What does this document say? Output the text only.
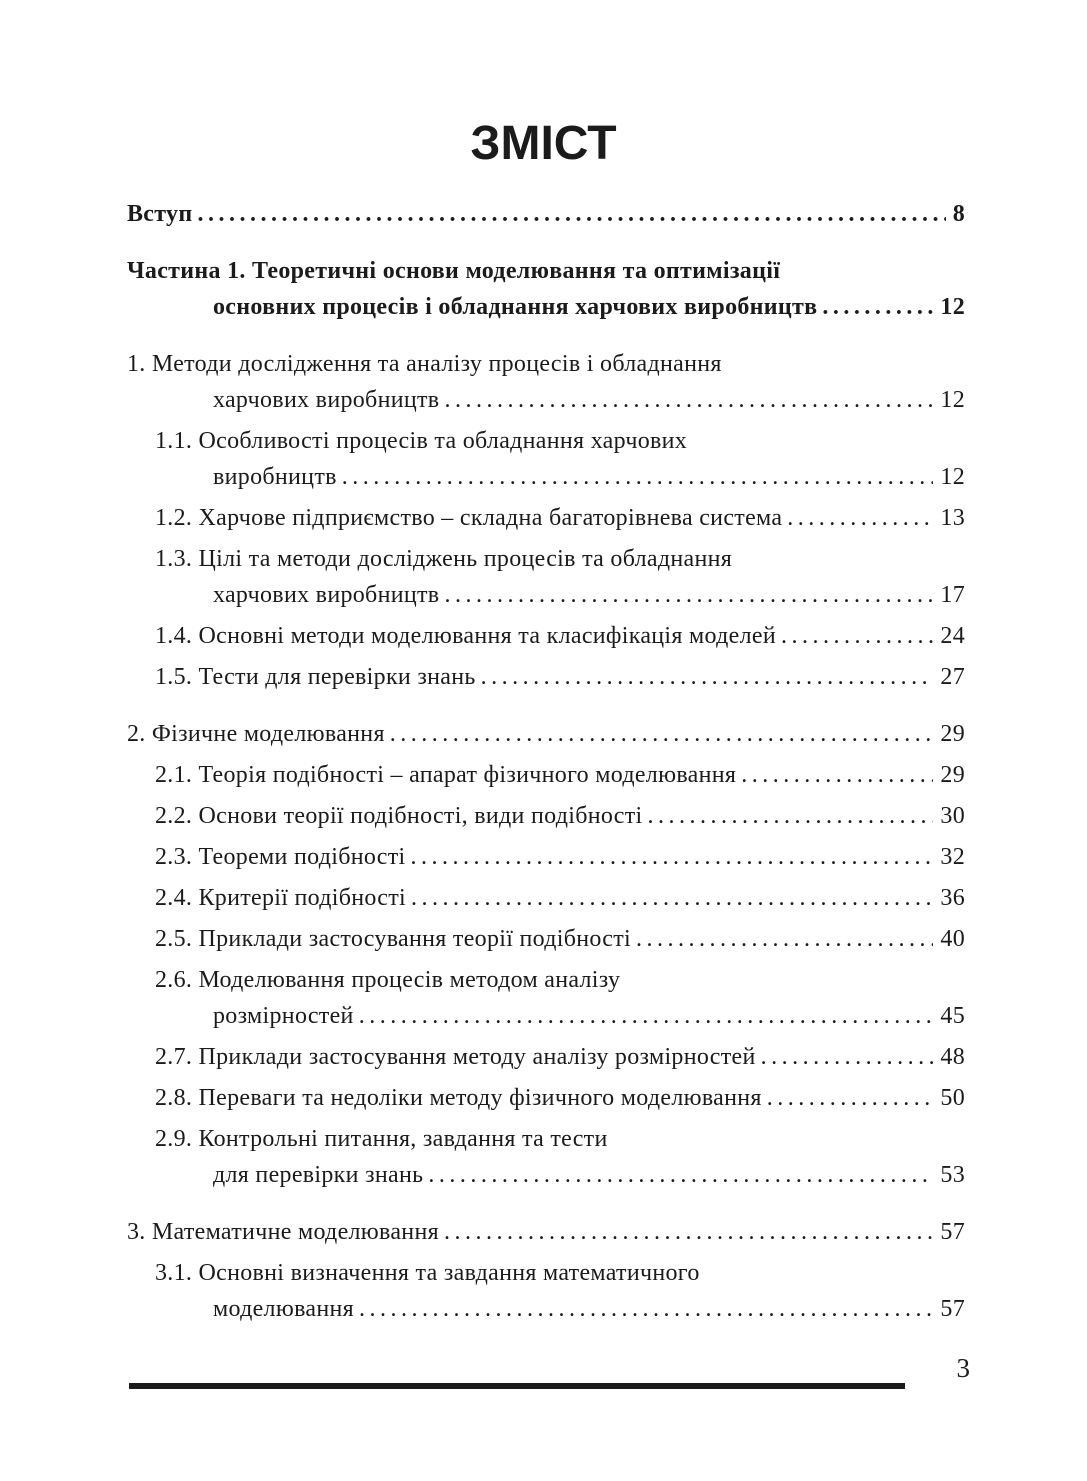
ЗМІСТ
Вступ .....	8
Частина 1. Теоретичні основи моделювання та оптимізації
основних процесів і обладнання харчових виробництв .....	12
1. Методи дослідження та аналізу процесів і обладнання
харчових виробництв .....	12
1.1. Особливості процесів та обладнання харчових
виробництв .....	12
1.2. Харчове підприємство – складна багаторівнева система .....	13
1.3. Цілі та методи досліджень процесів та обладнання
харчових виробництв .....	17
1.4. Основні методи моделювання та класифікація моделей .....	24
1.5. Тести для перевірки знань .....	27
2. Фізичне моделювання .....	29
2.1. Теорія подібності – апарат фізичного моделювання .....	29
2.2. Основи теорії подібності, види подібності .....	30
2.3. Теореми подібності .....	32
2.4. Критерії подібності .....	36
2.5. Приклади застосування теорії подібності .....	40
2.6. Моделювання процесів методом аналізу
розмірностей .....	45
2.7. Приклади застосування методу аналізу розмірностей .....	48
2.8. Переваги та недоліки методу фізичного моделювання .....	50
2.9. Контрольні питання, завдання та тести
для перевірки знань .....	53
3. Математичне моделювання .....	57
3.1. Основні визначення та завдання математичного
моделювання .....	57
3
